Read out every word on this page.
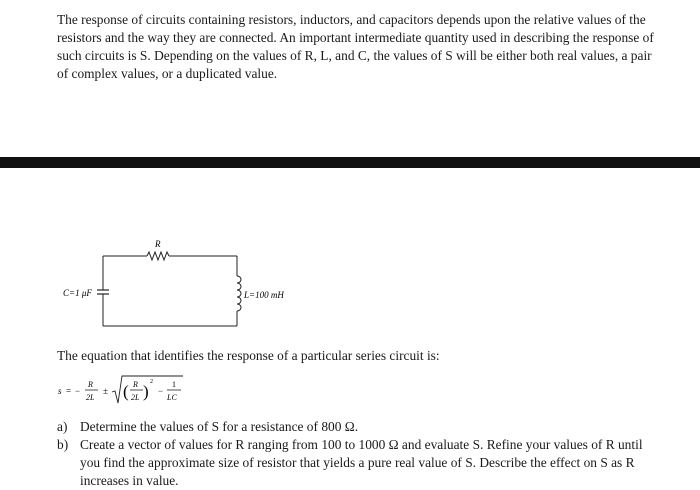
The response of circuits containing resistors, inductors, and capacitors depends upon the relative values of the resistors and the way they are connected. An important intermediate quantity used in describing the response of such circuits is S. Depending on the values of R, L, and C, the values of S will be either both real values, a pair of complex values, or a duplicated value.

R
C=1 μF	L=100 mH

The equation that identifies the response of a particular series circuit is:

s = −
R
2L
± ( R
2L ) 2
−
1
LC
a) Determine the values of S for a resistance of 800 Ω.
b) Create a vector of values for R ranging from 100 to 1000 Ω and evaluate S. Refine your values of R until you find the approximate size of resistor that yields a pure real value of S. Describe the effect on S as R increases in value.
